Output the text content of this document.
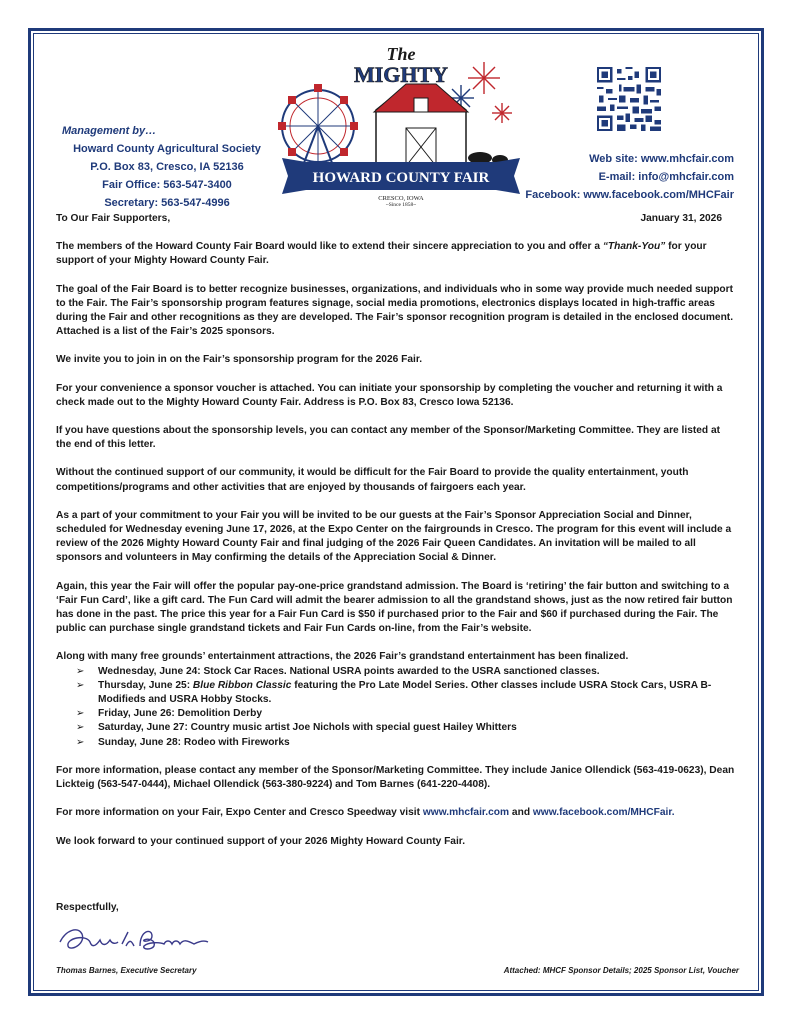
Management by…
Howard County Agricultural Society
P.O. Box 83, Cresco, IA 52136
Fair Office: 563-547-3400
Secretary: 563-547-4996
The
MIGHTY
HOWARD COUNTY FAIR
CRESCO, IOWA
~Since 1858~
Web site: www.mhcfair.com
E-mail: info@mhcfair.com
Facebook: www.facebook.com/MHCFair
To Our Fair Supporters,	January 31, 2026

The members of the Howard County Fair Board would like to extend their sincere appreciation to you and offer a “Thank-You” for your support of your Mighty Howard County Fair.

The goal of the Fair Board is to better recognize businesses, organizations, and individuals who in some way provide much needed support to the Fair. The Fair’s sponsorship program features signage, social media promotions, electronics displays located in high-traffic areas during the Fair and other recognitions as they are developed. The Fair’s sponsor recognition program is detailed in the enclosed document. Attached is a list of the Fair’s 2025 sponsors.

We invite you to join in on the Fair’s sponsorship program for the 2026 Fair.

For your convenience a sponsor voucher is attached. You can initiate your sponsorship by completing the voucher and returning it with a check made out to the Mighty Howard County Fair. Address is P.O. Box 83, Cresco Iowa 52136.

If you have questions about the sponsorship levels, you can contact any member of the Sponsor/Marketing Committee. They are listed at the end of this letter.

Without the continued support of our community, it would be difficult for the Fair Board to provide the quality entertainment, youth competitions/programs and other activities that are enjoyed by thousands of fairgoers each year.

As a part of your commitment to your Fair you will be invited to be our guests at the Fair’s Sponsor Appreciation Social and Dinner, scheduled for Wednesday evening June 17, 2026, at the Expo Center on the fairgrounds in Cresco. The program for this event will include a review of the 2026 Mighty Howard County Fair and final judging of the 2026 Fair Queen Candidates. An invitation will be mailed to all sponsors and volunteers in May confirming the details of the Appreciation Social & Dinner.

Again, this year the Fair will offer the popular pay-one-price grandstand admission. The Board is ‘retiring’ the fair button and switching to a ‘Fair Fun Card’, like a gift card. The Fun Card will admit the bearer admission to all the grandstand shows, just as the now retired fair button has done in the past. The price this year for a Fair Fun Card is $50 if purchased prior to the Fair and $60 if purchased during the Fair. The public can purchase single grandstand tickets and Fair Fun Cards on-line, from the Fair’s website.

Along with many free grounds’ entertainment attractions, the 2026 Fair’s grandstand entertainment has been finalized.

➢ Wednesday, June 24: Stock Car Races. National USRA points awarded to the USRA sanctioned classes.
➢ Thursday, June 25: Blue Ribbon Classic featuring the Pro Late Model Series. Other classes include USRA Stock Cars, USRA B-Modifieds and USRA Hobby Stocks.
➢ Friday, June 26: Demolition Derby
➢ Saturday, June 27: Country music artist Joe Nichols with special guest Hailey Whitters
➢ Sunday, June 28: Rodeo with Fireworks

For more information, please contact any member of the Sponsor/Marketing Committee. They include Janice Ollendick (563-419-0623), Dean Lickteig (563-547-0444), Michael Ollendick (563-380-9224) and Tom Barnes (641-220-4408).

For more information on your Fair, Expo Center and Cresco Speedway visit www.mhcfair.com and www.facebook.com/MHCFair.

We look forward to your continued support of your 2026 Mighty Howard County Fair.

Respectfully,
Thomas V. Barnes
Thomas Barnes, Executive Secretary	Attached: MHCF Sponsor Details; 2025 Sponsor List, Voucher
